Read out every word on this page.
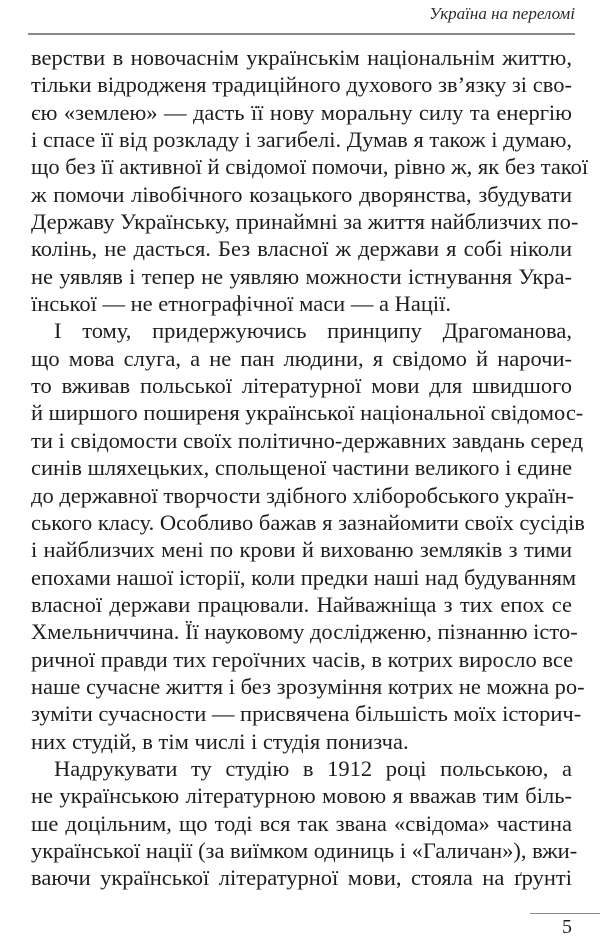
Україна на переломі
верстви в новочаснім українськім національнім життю,
тільки відродженя традиційного духового зв’язку зі сво-
єю «землею» — дасть її нову моральну силу та енергію
і спасе її від розкладу і загибелі. Думав я також і думаю,
що без її активної й свідомої помочи, рівно ж, як без такої
ж помочи лівобічного козацького дворянства, збудувати
Державу Українську, принаймні за життя найблизчих по-
колінь, не дасться. Без власної ж держави я собі ніколи
не уявляв і тепер не уявляю можности істнування Укра-
їнської — не етнографічної маси — а Нації.
І тому, придержуючись принципу Драгоманова,
що мова слуга, а не пан людини, я свідомо й нарочи-
то вживав польської літературної мови для швидшого
й ширшого поширеня української національної свідомос-
ти і свідомости своїх політично-державних завдань серед
синів шляхецьких, спольщеної частини великого і єдине
до державної творчости здібного хліборобського україн-
ського класу. Особливо бажав я зазнайомити своїх сусідів
і найблизчих мені по крови й вихованю земляків з тими
епохами нашої історії, коли предки наші над будуванням
власної держави працювали. Найважніща з тих епох се
Хмельниччина. Її науковому дослідженю, пізнанню істо-
ричної правди тих героїчних часів, в котрих виросло все
наше сучасне життя і без зрозуміння котрих не можна ро-
зуміти сучасности — присвячена більшість моїх історич-
них студій, в тім числі і студія понизча.
Надрукувати ту студію в 1912 році польською, а
не українською літературною мовою я вважав тим біль-
ше доцільним, що тоді вся так звана «свідома» частина
української нації (за виїмком одиниць і «Галичан»), вжи-
ваючи української літературної мови, стояла на ґрунті
5
